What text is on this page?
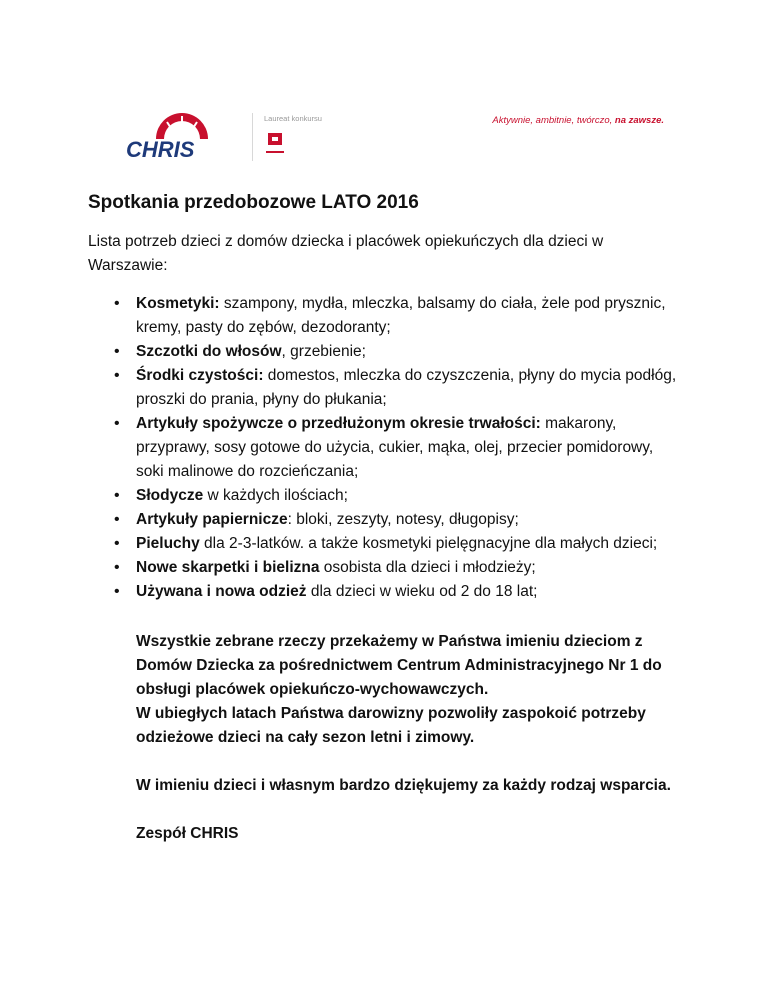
CHRIS
Laureat konkursu	Aktywnie, ambitnie, twórczo, na zawsze.
Spotkania przedobozowe LATO 2016

Lista potrzeb dzieci z domów dziecka i placówek opiekuńczych dla dzieci w Warszawie:

• Kosmetyki: szampony, mydła, mleczka, balsamy do ciała, żele pod prysznic, kremy, pasty do zębów, dezodoranty;
• Szczotki do włosów, grzebienie;
• Środki czystości: domestos, mleczka do czyszczenia, płyny do mycia podłóg, proszki do prania, płyny do płukania;
• Artykuły spożywcze o przedłużonym okresie trwałości: makarony, przyprawy, sosy gotowe do użycia, cukier, mąka, olej, przecier pomidorowy, soki malinowe do rozcieńczania;
• Słodycze w każdych ilościach;
• Artykuły papiernicze: bloki, zeszyty, notesy, długopisy;
• Pieluchy dla 2-3-latków. a także kosmetyki pielęgnacyjne dla małych dzieci;
• Nowe skarpetki i bielizna osobista dla dzieci i młodzieży;
• Używana i nowa odzież dla dzieci w wieku od 2 do 18 lat;

Wszystkie zebrane rzeczy przekażemy w Państwa imieniu dzieciom z Domów Dziecka za pośrednictwem Centrum Administracyjnego Nr 1 do obsługi placówek opiekuńczo-wychowawczych.
W ubiegłych latach Państwa darowizny pozwoliły zaspokoić potrzeby odzieżowe dzieci na cały sezon letni i zimowy.

W imieniu dzieci i własnym bardzo dziękujemy za każdy rodzaj wsparcia.

Zespół CHRIS
